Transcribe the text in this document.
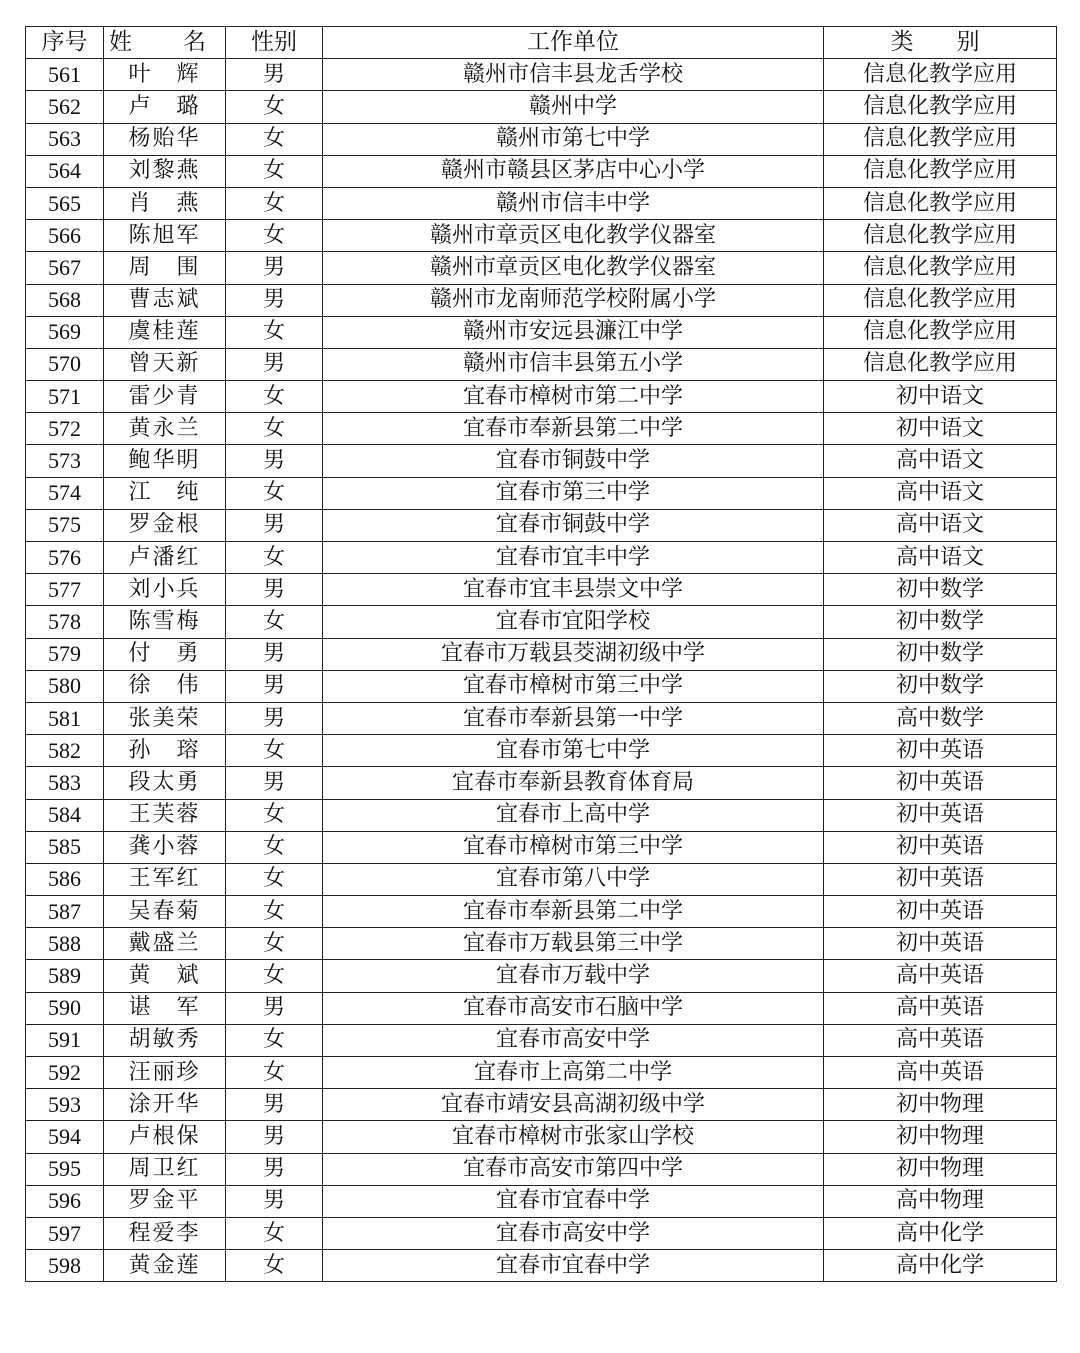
序号	姓　名	性别	工作单位	类　别
561	叶　辉	男	赣州市信丰县龙舌学校	信息化教学应用
562	卢　璐	女	赣州中学	信息化教学应用
563	杨贻华	女	赣州市第七中学	信息化教学应用
564	刘黎燕	女	赣州市赣县区茅店中心小学	信息化教学应用
565	肖　燕	女	赣州市信丰中学	信息化教学应用
566	陈旭军	女	赣州市章贡区电化教学仪器室	信息化教学应用
567	周　围	男	赣州市章贡区电化教学仪器室	信息化教学应用
568	曹志斌	男	赣州市龙南师范学校附属小学	信息化教学应用
569	虞桂莲	女	赣州市安远县濂江中学	信息化教学应用
570	曾天新	男	赣州市信丰县第五小学	信息化教学应用
571	雷少青	女	宜春市樟树市第二中学	初中语文
572	黄永兰	女	宜春市奉新县第二中学	初中语文
573	鲍华明	男	宜春市铜鼓中学	高中语文
574	江　纯	女	宜春市第三中学	高中语文
575	罗金根	男	宜春市铜鼓中学	高中语文
576	卢潘红	女	宜春市宜丰中学	高中语文
577	刘小兵	男	宜春市宜丰县崇文中学	初中数学
578	陈雪梅	女	宜春市宜阳学校	初中数学
579	付　勇	男	宜春市万载县茭湖初级中学	初中数学
580	徐　伟	男	宜春市樟树市第三中学	初中数学
581	张美荣	男	宜春市奉新县第一中学	高中数学
582	孙　瑢	女	宜春市第七中学	初中英语
583	段太勇	男	宜春市奉新县教育体育局	初中英语
584	王芙蓉	女	宜春市上高中学	初中英语
585	龚小蓉	女	宜春市樟树市第三中学	初中英语
586	王军红	女	宜春市第八中学	初中英语
587	吴春菊	女	宜春市奉新县第二中学	初中英语
588	戴盛兰	女	宜春市万载县第三中学	初中英语
589	黄　斌	女	宜春市万载中学	高中英语
590	谌　军	男	宜春市高安市石脑中学	高中英语
591	胡敏秀	女	宜春市高安中学	高中英语
592	汪丽珍	女	宜春市上高第二中学	高中英语
593	涂开华	男	宜春市靖安县高湖初级中学	初中物理
594	卢根保	男	宜春市樟树市张家山学校	初中物理
595	周卫红	男	宜春市高安市第四中学	初中物理
596	罗金平	男	宜春市宜春中学	高中物理
597	程爱李	女	宜春市高安中学	高中化学
598	黄金莲	女	宜春市宜春中学	高中化学
